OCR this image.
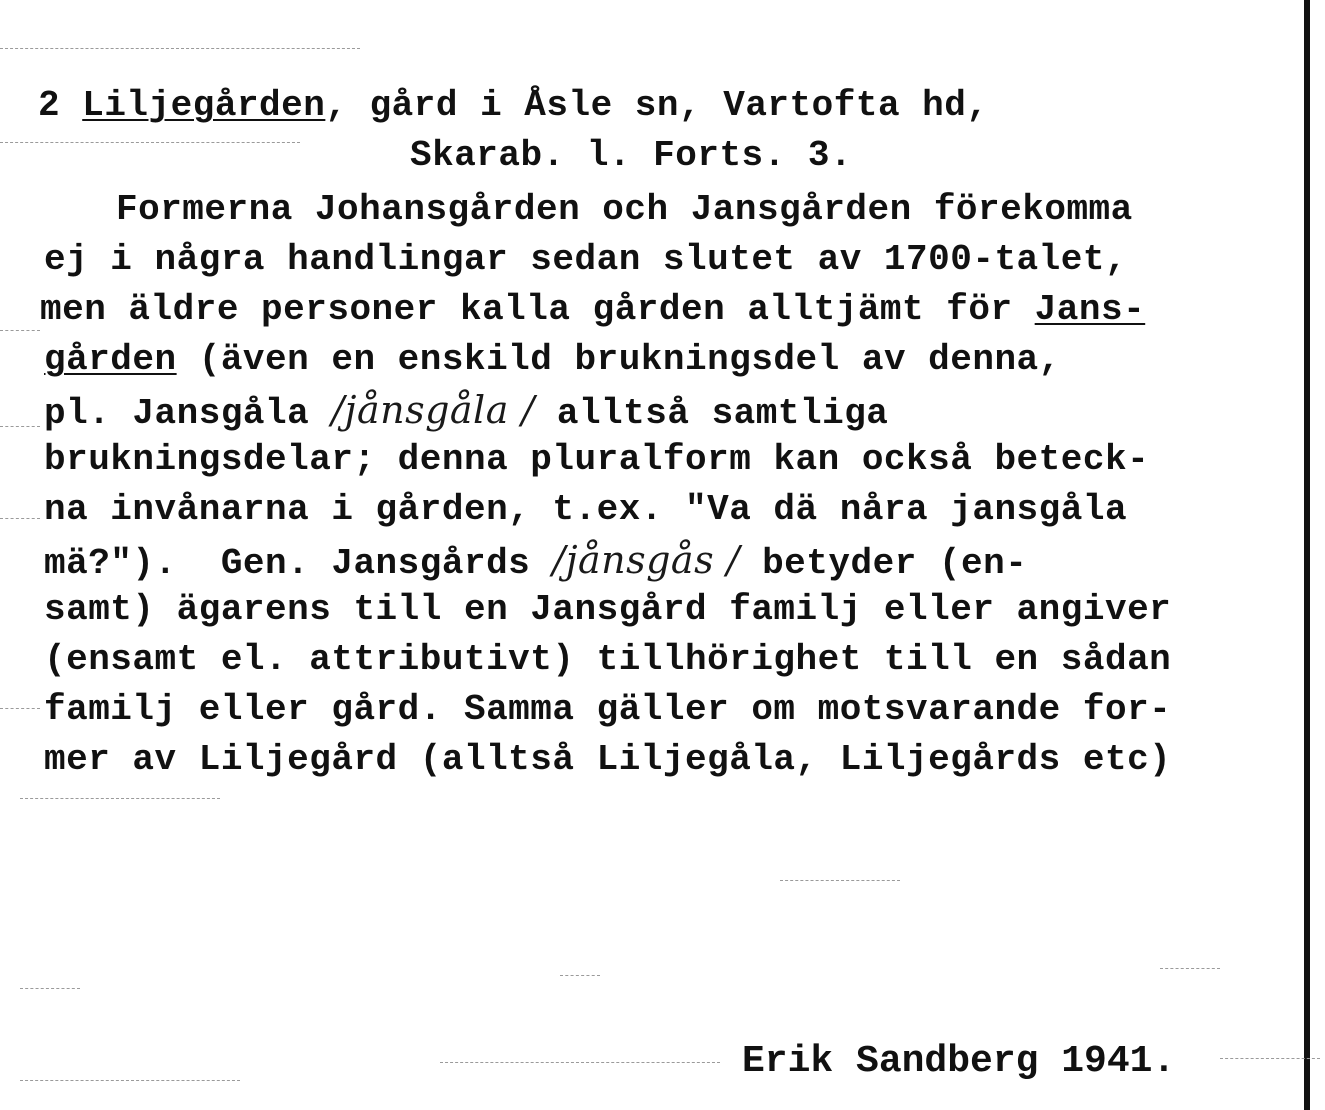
2 Liljegården, gård i Åsle sn, Vartofta hd,
Skarab. l. Forts. 3.
Formerna Johansgården och Jansgården förekomma
ej i några handlingar sedan slutet av 1700-talet,
men äldre personer kalla gården alltjämt för Jans-
gården (även en enskild brukningsdel av denna,
pl. Jansgåla /jånsgåla / alltså samtliga
brukningsdelar; denna pluralform kan också beteck-
na invånarna i gården, t.ex. "Va dä nåra jansgåla
mä?").  Gen. Jansgårds /jånsgås / betyder (en-
samt) ägarens till en Jansgård familj eller angiver
(ensamt el. attributivt) tillhörighet till en sådan
familj eller gård. Samma gäller om motsvarande for-
mer av Liljegård (alltså Liljegåla, Liljegårds etc)
Erik Sandberg 1941.
